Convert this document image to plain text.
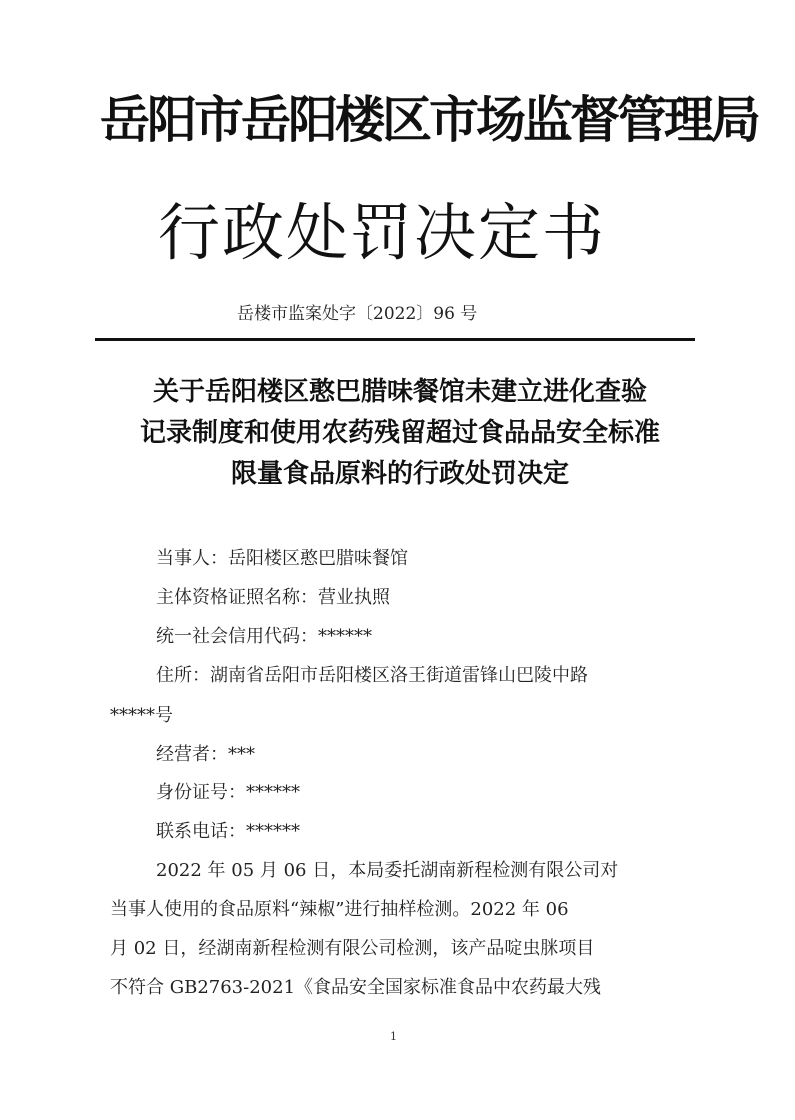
岳阳市岳阳楼区市场监督管理局
行政处罚决定书
岳楼市监案处字〔2022〕96 号
关于岳阳楼区憨巴腊味餐馆未建立进化查验
记录制度和使用农药残留超过食品品安全标准
限量食品原料的行政处罚决定
当事人：岳阳楼区憨巴腊味餐馆
主体资格证照名称：营业执照
统一社会信用代码：******
住所：湖南省岳阳市岳阳楼区洛王街道雷锋山巴陵中路
*****号
经营者：***
身份证号：******
联系电话：******
2022 年 05 月 06 日，本局委托湖南新程检测有限公司对
当事人使用的食品原料“辣椒”进行抽样检测。2022 年 06
月 02 日，经湖南新程检测有限公司检测，该产品啶虫脒项目
不符合 GB2763-2021《食品安全国家标准食品中农药最大残
1
